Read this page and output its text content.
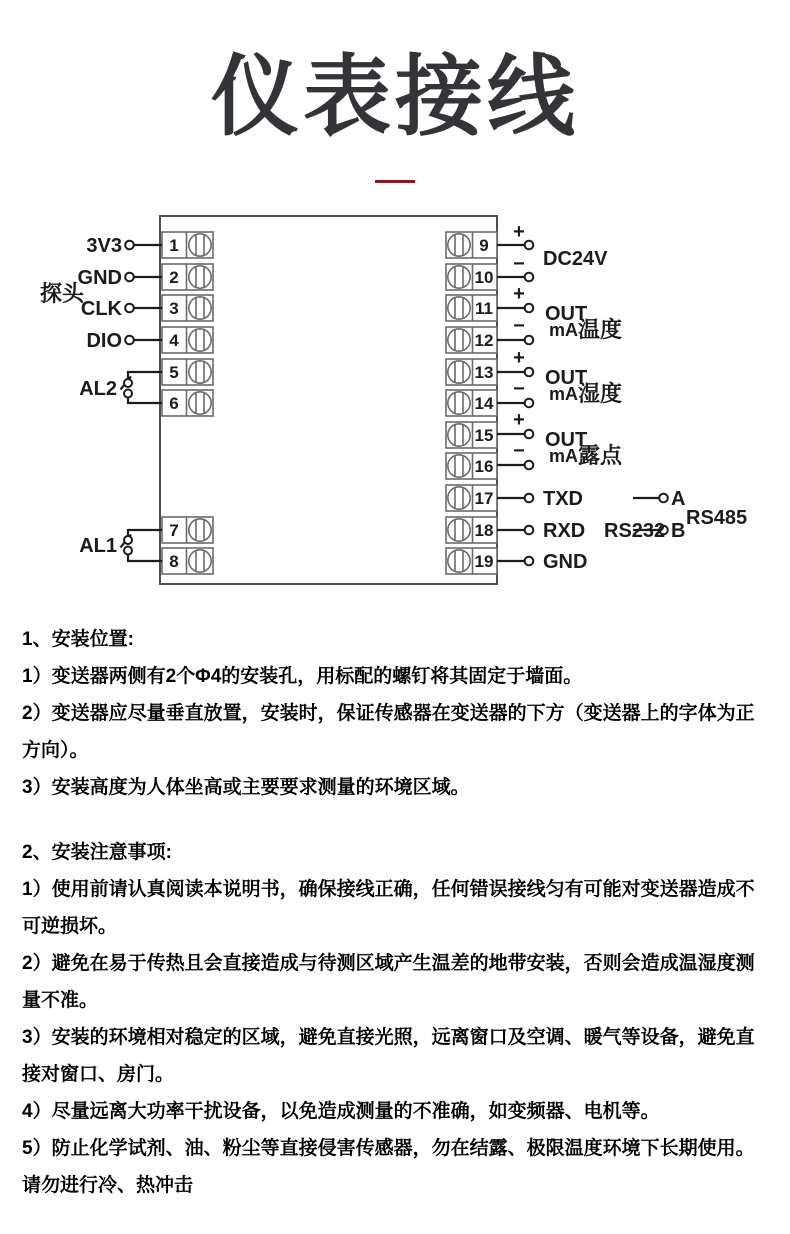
仪表接线
1
2
3
4
5
6
7
8
9
10
11
12
13
14
15
16
17
18
19
3V3
GND
CLK
DIO
探头
AL2
AL1
+
−
+
−
+
−
+
−
DC24V
OUT
mA 温度
OUT
mA 湿度
OUT
mA 露点
TXD
RXD RS232
GND
A
B
RS485

1、安装位置:

1）变送器两侧有2个Φ4的安装孔，用标配的螺钉将其固定于墙面。

2）变送器应尽量垂直放置，安装时，保证传感器在变送器的下方（变送器上的字体为正方向）。

3）安装高度为人体坐高或主要要求测量的环境区域。

2、安装注意事项:

1）使用前请认真阅读本说明书，确保接线正确，任何错误接线匀有可能对变送器造成不可逆损坏。

2）避免在易于传热且会直接造成与待测区域产生温差的地带安装，否则会造成温湿度测量不准。

3）安装的环境相对稳定的区域，避免直接光照，远离窗口及空调、暖气等设备，避免直接对窗口、房门。

4）尽量远离大功率干扰设备，以免造成测量的不准确，如变频器、电机等。

5）防止化学试剂、油、粉尘等直接侵害传感器，勿在结露、极限温度环境下长期使用。请勿进行冷、热冲击
